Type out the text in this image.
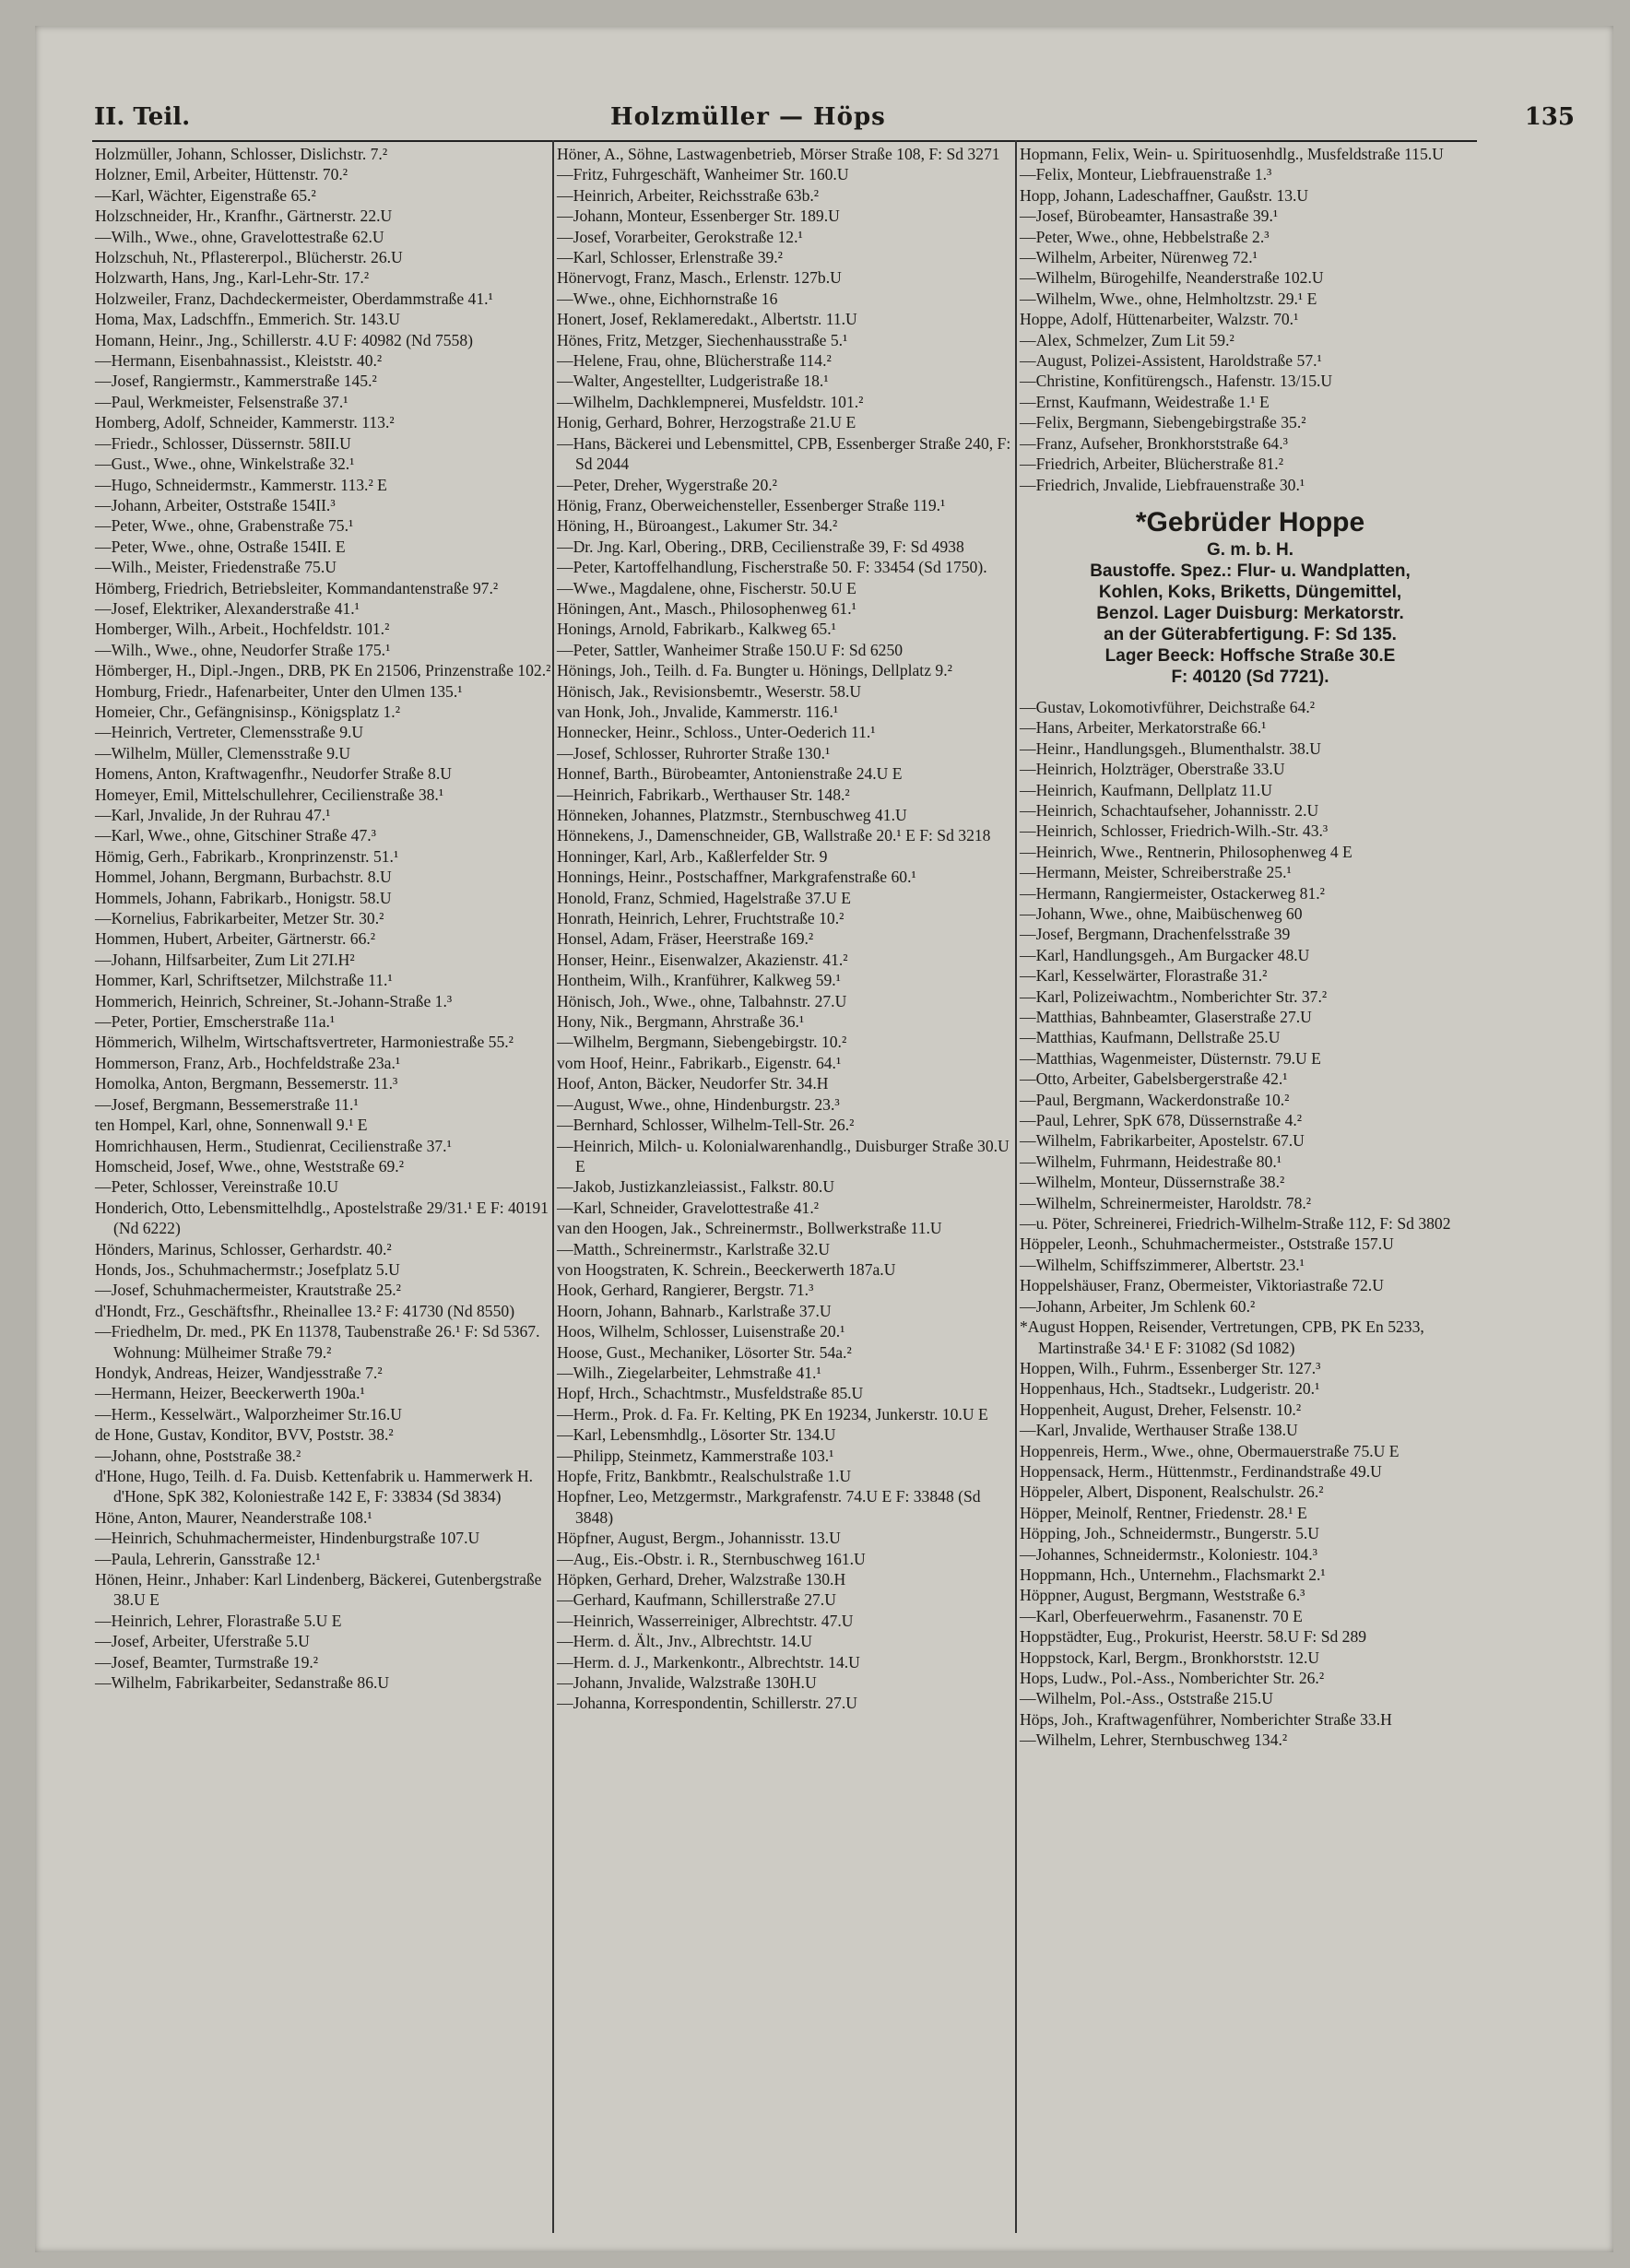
II. Teil.	Holzmüller — Höps	135

Holzmüller, Johann, Schlosser, Dislichstr. 7.²

Holzner, Emil, Arbeiter, Hüttenstr. 70.²

—Karl, Wächter, Eigenstraße 65.²

Holzschneider, Hr., Kranfhr., Gärtnerstr. 22.U

—Wilh., Wwe., ohne, Gravelottestraße 62.U

Holzschuh, Nt., Pflastererpol., Blücherstr. 26.U

Holzwarth, Hans, Jng., Karl-Lehr-Str. 17.²

Holzweiler, Franz, Dachdeckermeister, Oberdammstraße 41.¹

Homa, Max, Ladschffn., Emmerich. Str. 143.U

Homann, Heinr., Jng., Schillerstr. 4.U F: 40982 (Nd 7558)

—Hermann, Eisenbahnassist., Kleiststr. 40.²

—Josef, Rangiermstr., Kammerstraße 145.²

—Paul, Werkmeister, Felsenstraße 37.¹

Homberg, Adolf, Schneider, Kammerstr. 113.²

—Friedr., Schlosser, Düssernstr. 58II.U

—Gust., Wwe., ohne, Winkelstraße 32.¹

—Hugo, Schneidermstr., Kammerstr. 113.² E

—Johann, Arbeiter, Oststraße 154II.³

—Peter, Wwe., ohne, Grabenstraße 75.¹

—Peter, Wwe., ohne, Ostraße 154II. E

—Wilh., Meister, Friedenstraße 75.U

Hömberg, Friedrich, Betriebsleiter, Kommandantenstraße 97.²

—Josef, Elektriker, Alexanderstraße 41.¹

Homberger, Wilh., Arbeit., Hochfeldstr. 101.²

—Wilh., Wwe., ohne, Neudorfer Straße 175.¹

Hömberger, H., Dipl.-Jngen., DRB, PK En 21506, Prinzenstraße 102.²

Homburg, Friedr., Hafenarbeiter, Unter den Ulmen 135.¹

Homeier, Chr., Gefängnisinsp., Königsplatz 1.²

—Heinrich, Vertreter, Clemensstraße 9.U

—Wilhelm, Müller, Clemensstraße 9.U

Homens, Anton, Kraftwagenfhr., Neudorfer Straße 8.U

Homeyer, Emil, Mittelschullehrer, Cecilienstraße 38.¹

—Karl, Jnvalide, Jn der Ruhrau 47.¹

—Karl, Wwe., ohne, Gitschiner Straße 47.³

Hömig, Gerh., Fabrikarb., Kronprinzenstr. 51.¹

Hommel, Johann, Bergmann, Burbachstr. 8.U

Hommels, Johann, Fabrikarb., Honigstr. 58.U

—Kornelius, Fabrikarbeiter, Metzer Str. 30.²

Hommen, Hubert, Arbeiter, Gärtnerstr. 66.²

—Johann, Hilfsarbeiter, Zum Lit 27I.H²

Hommer, Karl, Schriftsetzer, Milchstraße 11.¹

Hommerich, Heinrich, Schreiner, St.-Johann-Straße 1.³

—Peter, Portier, Emscherstraße 11a.¹

Hömmerich, Wilhelm, Wirtschaftsvertreter, Harmoniestraße 55.²

Hommerson, Franz, Arb., Hochfeldstraße 23a.¹

Homolka, Anton, Bergmann, Bessemerstr. 11.³

—Josef, Bergmann, Bessemerstraße 11.¹

ten Hompel, Karl, ohne, Sonnenwall 9.¹ E

Homrichhausen, Herm., Studienrat, Cecilienstraße 37.¹

Homscheid, Josef, Wwe., ohne, Weststraße 69.²

—Peter, Schlosser, Vereinstraße 10.U

Honderich, Otto, Lebensmittelhdlg., Apostelstraße 29/31.¹ E F: 40191 (Nd 6222)

Hönders, Marinus, Schlosser, Gerhardstr. 40.²

Honds, Jos., Schuhmachermstr.; Josefplatz 5.U

—Josef, Schuhmachermeister, Krautstraße 25.²

d'Hondt, Frz., Geschäftsfhr., Rheinallee 13.² F: 41730 (Nd 8550)

—Friedhelm, Dr. med., PK En 11378, Taubenstraße 26.¹ F: Sd 5367. Wohnung: Mülheimer Straße 79.²

Hondyk, Andreas, Heizer, Wandjesstraße 7.²

—Hermann, Heizer, Beeckerwerth 190a.¹

—Herm., Kesselwärt., Walporzheimer Str.16.U

de Hone, Gustav, Konditor, BVV, Poststr. 38.²

—Johann, ohne, Poststraße 38.²

d'Hone, Hugo, Teilh. d. Fa. Duisb. Kettenfabrik u. Hammerwerk H. d'Hone, SpK 382, Koloniestraße 142 E, F: 33834 (Sd 3834)

Höne, Anton, Maurer, Neanderstraße 108.¹

—Heinrich, Schuhmachermeister, Hindenburgstraße 107.U

—Paula, Lehrerin, Gansstraße 12.¹

Hönen, Heinr., Jnhaber: Karl Lindenberg, Bäckerei, Gutenbergstraße 38.U E

—Heinrich, Lehrer, Florastraße 5.U E

—Josef, Arbeiter, Uferstraße 5.U

—Josef, Beamter, Turmstraße 19.²

—Wilhelm, Fabrikarbeiter, Sedanstraße 86.U

Höner, A., Söhne, Lastwagenbetrieb, Mörser Straße 108, F: Sd 3271

—Fritz, Fuhrgeschäft, Wanheimer Str. 160.U

—Heinrich, Arbeiter, Reichsstraße 63b.²

—Johann, Monteur, Essenberger Str. 189.U

—Josef, Vorarbeiter, Gerokstraße 12.¹

—Karl, Schlosser, Erlenstraße 39.²

Hönervogt, Franz, Masch., Erlenstr. 127b.U

—Wwe., ohne, Eichhornstraße 16

Honert, Josef, Reklameredakt., Albertstr. 11.U

Hönes, Fritz, Metzger, Siechenhausstraße 5.¹

—Helene, Frau, ohne, Blücherstraße 114.²

—Walter, Angestellter, Ludgeristraße 18.¹

—Wilhelm, Dachklempnerei, Musfeldstr. 101.²

Honig, Gerhard, Bohrer, Herzogstraße 21.U E

—Hans, Bäckerei und Lebensmittel, CPB, Essenberger Straße 240, F: Sd 2044

—Peter, Dreher, Wygerstraße 20.²

Hönig, Franz, Oberweichensteller, Essenberger Straße 119.¹

Höning, H., Büroangest., Lakumer Str. 34.²

—Dr. Jng. Karl, Obering., DRB, Cecilienstraße 39, F: Sd 4938

—Peter, Kartoffelhandlung, Fischerstraße 50. F: 33454 (Sd 1750).

—Wwe., Magdalene, ohne, Fischerstr. 50.U E

Höningen, Ant., Masch., Philosophenweg 61.¹

Honings, Arnold, Fabrikarb., Kalkweg 65.¹

—Peter, Sattler, Wanheimer Straße 150.U F: Sd 6250

Hönings, Joh., Teilh. d. Fa. Bungter u. Hönings, Dellplatz 9.²

Hönisch, Jak., Revisionsbemtr., Weserstr. 58.U

van Honk, Joh., Jnvalide, Kammerstr. 116.¹

Honnecker, Heinr., Schloss., Unter-Oederich 11.¹

—Josef, Schlosser, Ruhrorter Straße 130.¹

Honnef, Barth., Bürobeamter, Antonienstraße 24.U E

—Heinrich, Fabrikarb., Werthauser Str. 148.²

Hönneken, Johannes, Platzmstr., Sternbuschweg 41.U

Hönnekens, J., Damenschneider, GB, Wallstraße 20.¹ E F: Sd 3218

Honninger, Karl, Arb., Kaßlerfelder Str. 9

Honnings, Heinr., Postschaffner, Markgrafenstraße 60.¹

Honold, Franz, Schmied, Hagelstraße 37.U E

Honrath, Heinrich, Lehrer, Fruchtstraße 10.²

Honsel, Adam, Fräser, Heerstraße 169.²

Honser, Heinr., Eisenwalzer, Akazienstr. 41.²

Hontheim, Wilh., Kranführer, Kalkweg 59.¹

Hönisch, Joh., Wwe., ohne, Talbahnstr. 27.U

Hony, Nik., Bergmann, Ahrstraße 36.¹

—Wilhelm, Bergmann, Siebengebirgstr. 10.²

vom Hoof, Heinr., Fabrikarb., Eigenstr. 64.¹

Hoof, Anton, Bäcker, Neudorfer Str. 34.H

—August, Wwe., ohne, Hindenburgstr. 23.³

—Bernhard, Schlosser, Wilhelm-Tell-Str. 26.²

—Heinrich, Milch- u. Kolonialwarenhandlg., Duisburger Straße 30.U E

—Jakob, Justizkanzleiassist., Falkstr. 80.U

—Karl, Schneider, Gravelottestraße 41.²

van den Hoogen, Jak., Schreinermstr., Bollwerkstraße 11.U

—Matth., Schreinermstr., Karlstraße 32.U

von Hoogstraten, K. Schrein., Beeckerwerth 187a.U

Hook, Gerhard, Rangierer, Bergstr. 71.³

Hoorn, Johann, Bahnarb., Karlstraße 37.U

Hoos, Wilhelm, Schlosser, Luisenstraße 20.¹

Hoose, Gust., Mechaniker, Lösorter Str. 54a.²

—Wilh., Ziegelarbeiter, Lehmstraße 41.¹

Hopf, Hrch., Schachtmstr., Musfeldstraße 85.U

—Herm., Prok. d. Fa. Fr. Kelting, PK En 19234, Junkerstr. 10.U E

—Karl, Lebensmhdlg., Lösorter Str. 134.U

—Philipp, Steinmetz, Kammerstraße 103.¹

Hopfe, Fritz, Bankbmtr., Realschulstraße 1.U

Hopfner, Leo, Metzgermstr., Markgrafenstr. 74.U E F: 33848 (Sd 3848)

Höpfner, August, Bergm., Johannisstr. 13.U

—Aug., Eis.-Obstr. i. R., Sternbuschweg 161.U

Höpken, Gerhard, Dreher, Walzstraße 130.H

—Gerhard, Kaufmann, Schillerstraße 27.U

—Heinrich, Wasserreiniger, Albrechtstr. 47.U

—Herm. d. Ält., Jnv., Albrechtstr. 14.U

—Herm. d. J., Markenkontr., Albrechtstr. 14.U

—Johann, Jnvalide, Walzstraße 130H.U

—Johanna, Korrespondentin, Schillerstr. 27.U

Hopmann, Felix, Wein- u. Spirituosenhdlg., Musfeldstraße 115.U

—Felix, Monteur, Liebfrauenstraße 1.³

Hopp, Johann, Ladeschaffner, Gaußstr. 13.U

—Josef, Bürobeamter, Hansastraße 39.¹

—Peter, Wwe., ohne, Hebbelstraße 2.³

—Wilhelm, Arbeiter, Nürenweg 72.¹

—Wilhelm, Bürogehilfe, Neanderstraße 102.U

—Wilhelm, Wwe., ohne, Helmholtzstr. 29.¹ E

Hoppe, Adolf, Hüttenarbeiter, Walzstr. 70.¹

—Alex, Schmelzer, Zum Lit 59.²

—August, Polizei-Assistent, Haroldstraße 57.¹

—Christine, Konfitürengsch., Hafenstr. 13/15.U

—Ernst, Kaufmann, Weidestraße 1.¹ E

—Felix, Bergmann, Siebengebirgstraße 35.²

—Franz, Aufseher, Bronkhorststraße 64.³

—Friedrich, Arbeiter, Blücherstraße 81.²

—Friedrich, Jnvalide, Liebfrauenstraße 30.¹

*Gebrüder Hoppe
G. m. b. H.
Baustoffe. Spez.: Flur- u. Wandplatten,
Kohlen, Koks, Briketts, Düngemittel,
Benzol. Lager Duisburg: Merkatorstr.
an der Güterabfertigung. F: Sd 135.
Lager Beeck: Hoffsche Straße 30.E
F: 40120 (Sd 7721).

—Gustav, Lokomotivführer, Deichstraße 64.²

—Hans, Arbeiter, Merkatorstraße 66.¹

—Heinr., Handlungsgeh., Blumenthalstr. 38.U

—Heinrich, Holzträger, Oberstraße 33.U

—Heinrich, Kaufmann, Dellplatz 11.U

—Heinrich, Schachtaufseher, Johannisstr. 2.U

—Heinrich, Schlosser, Friedrich-Wilh.-Str. 43.³

—Heinrich, Wwe., Rentnerin, Philosophenweg 4 E

—Hermann, Meister, Schreiberstraße 25.¹

—Hermann, Rangiermeister, Ostackerweg 81.²

—Johann, Wwe., ohne, Maibüschenweg 60

—Josef, Bergmann, Drachenfelsstraße 39

—Karl, Handlungsgeh., Am Burgacker 48.U

—Karl, Kesselwärter, Florastraße 31.²

—Karl, Polizeiwachtm., Nomberichter Str. 37.²

—Matthias, Bahnbeamter, Glaserstraße 27.U

—Matthias, Kaufmann, Dellstraße 25.U

—Matthias, Wagenmeister, Düsternstr. 79.U E

—Otto, Arbeiter, Gabelsbergerstraße 42.¹

—Paul, Bergmann, Wackerdonstraße 10.²

—Paul, Lehrer, SpK 678, Düssernstraße 4.²

—Wilhelm, Fabrikarbeiter, Apostelstr. 67.U

—Wilhelm, Fuhrmann, Heidestraße 80.¹

—Wilhelm, Monteur, Düssernstraße 38.²

—Wilhelm, Schreinermeister, Haroldstr. 78.²

—u. Pöter, Schreinerei, Friedrich-Wilhelm-Straße 112, F: Sd 3802

Höppeler, Leonh., Schuhmachermeister., Oststraße 157.U

—Wilhelm, Schiffszimmerer, Albertstr. 23.¹

Hoppelshäuser, Franz, Obermeister, Viktoriastraße 72.U

—Johann, Arbeiter, Jm Schlenk 60.²

*August Hoppen, Reisender, Vertretungen, CPB, PK En 5233, Martinstraße 34.¹ E F: 31082 (Sd 1082)

Hoppen, Wilh., Fuhrm., Essenberger Str. 127.³

Hoppenhaus, Hch., Stadtsekr., Ludgeristr. 20.¹

Hoppenheit, August, Dreher, Felsenstr. 10.²

—Karl, Jnvalide, Werthauser Straße 138.U

Hoppenreis, Herm., Wwe., ohne, Obermauerstraße 75.U E

Hoppensack, Herm., Hüttenmstr., Ferdinandstraße 49.U

Höppeler, Albert, Disponent, Realschulstr. 26.²

Höpper, Meinolf, Rentner, Friedenstr. 28.¹ E

Höpping, Joh., Schneidermstr., Bungerstr. 5.U

—Johannes, Schneidermstr., Koloniestr. 104.³

Hoppmann, Hch., Unternehm., Flachsmarkt 2.¹

Höppner, August, Bergmann, Weststraße 6.³

—Karl, Oberfeuerwehrm., Fasanenstr. 70 E

Hoppstädter, Eug., Prokurist, Heerstr. 58.U F: Sd 289

Hoppstock, Karl, Bergm., Bronkhorststr. 12.U

Hops, Ludw., Pol.-Ass., Nomberichter Str. 26.²

—Wilhelm, Pol.-Ass., Oststraße 215.U

Höps, Joh., Kraftwagenführer, Nomberichter Straße 33.H

—Wilhelm, Lehrer, Sternbuschweg 134.²
